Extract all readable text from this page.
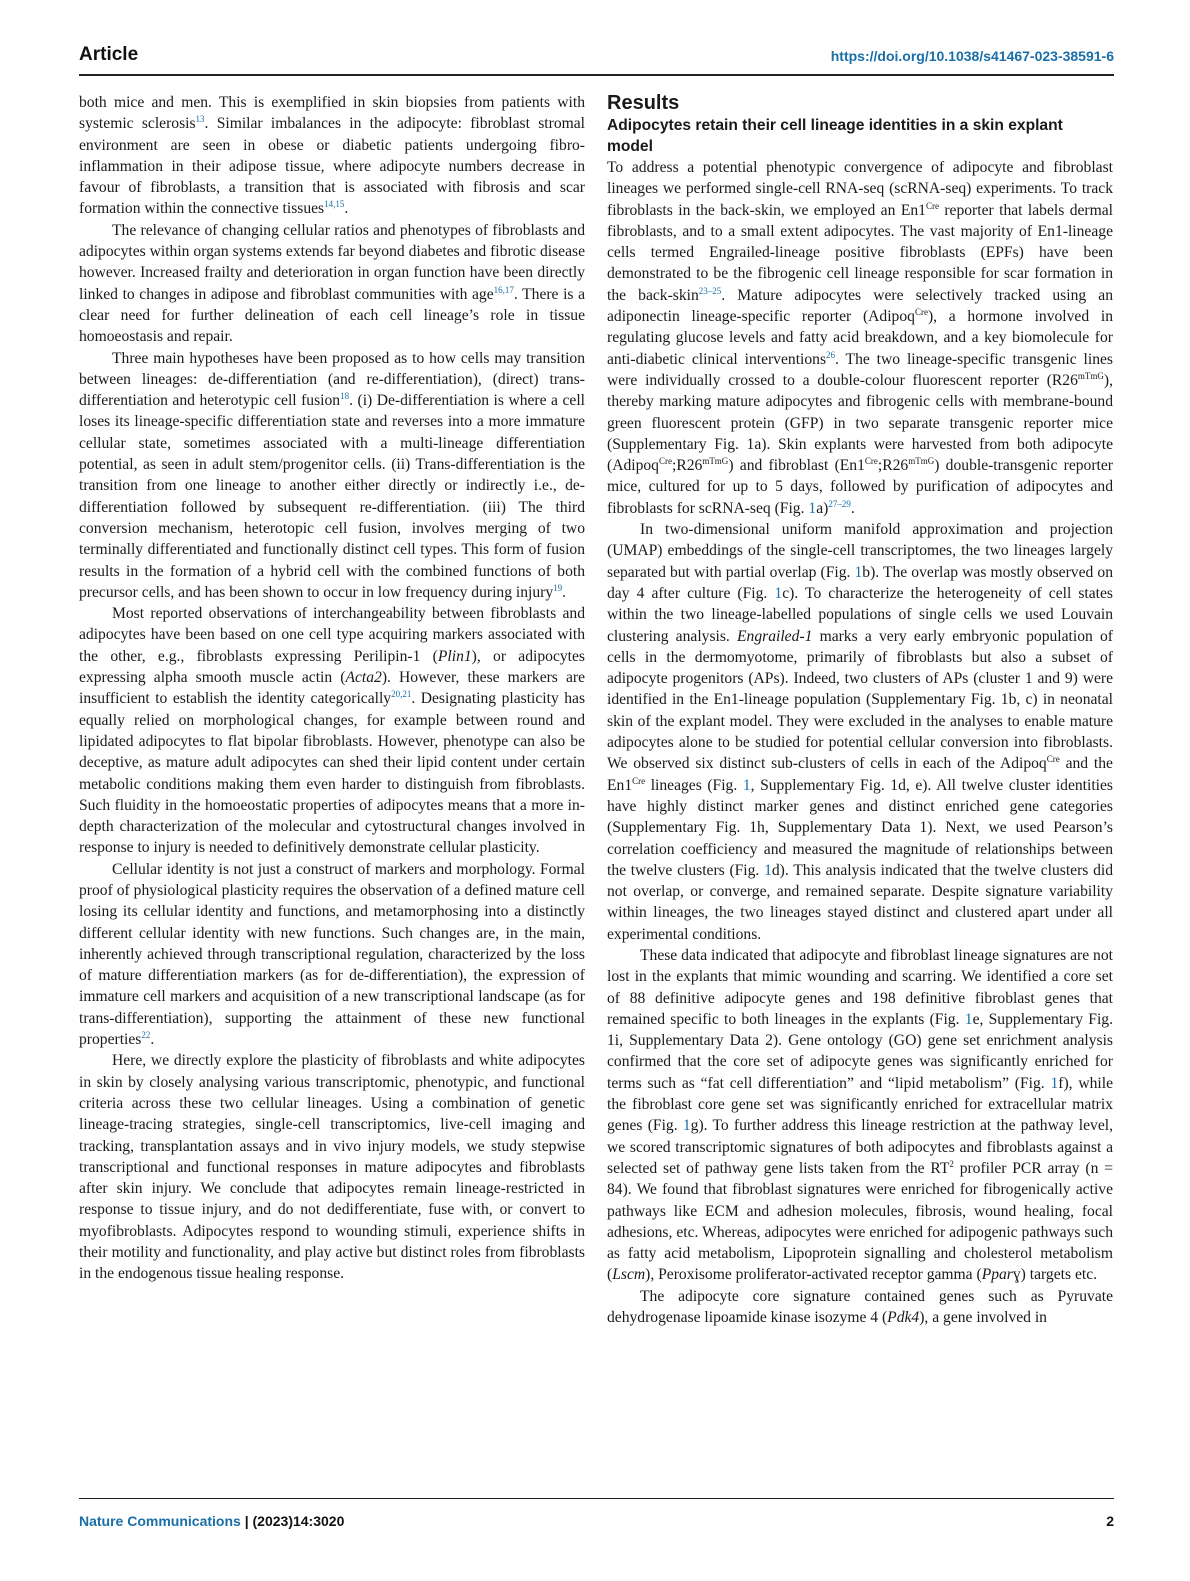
Article	https://doi.org/10.1038/s41467-023-38591-6

both mice and men. This is exemplified in skin biopsies from patients with systemic sclerosis$^{13}$. Similar imbalances in the adipocyte: fibroblast stromal environment are seen in obese or diabetic patients undergoing fibro-inflammation in their adipose tissue, where adipocyte numbers decrease in favour of fibroblasts, a transition that is associated with fibrosis and scar formation within the connective tissues$^{14,15}$.

The relevance of changing cellular ratios and phenotypes of fibroblasts and adipocytes within organ systems extends far beyond diabetes and fibrotic disease however. Increased frailty and deterioration in organ function have been directly linked to changes in adipose and fibroblast communities with age$^{16,17}$. There is a clear need for further delineation of each cell lineage’s role in tissue homoeostasis and repair.

Three main hypotheses have been proposed as to how cells may transition between lineages: de-differentiation (and re-differentiation), (direct) trans-differentiation and heterotypic cell fusion$^{18}$. (i) De-differentiation is where a cell loses its lineage-specific differentiation state and reverses into a more immature cellular state, sometimes associated with a multi-lineage differentiation potential, as seen in adult stem/progenitor cells. (ii) Trans-differentiation is the transition from one lineage to another either directly or indirectly i.e., de-differentiation followed by subsequent re-differentiation. (iii) The third conversion mechanism, heterotopic cell fusion, involves merging of two terminally differentiated and functionally distinct cell types. This form of fusion results in the formation of a hybrid cell with the combined functions of both precursor cells, and has been shown to occur in low frequency during injury$^{19}$.

Most reported observations of interchangeability between fibroblasts and adipocytes have been based on one cell type acquiring markers associated with the other, e.g., fibroblasts expressing Perilipin-1 (Plin1), or adipocytes expressing alpha smooth muscle actin (Acta2). However, these markers are insufficient to establish the identity categorically$^{20,21}$. Designating plasticity has equally relied on morphological changes, for example between round and lipidated adipocytes to flat bipolar fibroblasts. However, phenotype can also be deceptive, as mature adult adipocytes can shed their lipid content under certain metabolic conditions making them even harder to distinguish from fibroblasts. Such fluidity in the homoeostatic properties of adipocytes means that a more in-depth characterization of the molecular and cytostructural changes involved in response to injury is needed to definitively demonstrate cellular plasticity.

Cellular identity is not just a construct of markers and morphology. Formal proof of physiological plasticity requires the observation of a defined mature cell losing its cellular identity and functions, and metamorphosing into a distinctly different cellular identity with new functions. Such changes are, in the main, inherently achieved through transcriptional regulation, characterized by the loss of mature differentiation markers (as for de-differentiation), the expression of immature cell markers and acquisition of a new transcriptional landscape (as for trans-differentiation), supporting the attainment of these new functional properties$^{22}$.

Here, we directly explore the plasticity of fibroblasts and white adipocytes in skin by closely analysing various transcriptomic, phenotypic, and functional criteria across these two cellular lineages. Using a combination of genetic lineage-tracing strategies, single-cell transcriptomics, live-cell imaging and tracking, transplantation assays and in vivo injury models, we study stepwise transcriptional and functional responses in mature adipocytes and fibroblasts after skin injury. We conclude that adipocytes remain lineage-restricted in response to tissue injury, and do not dedifferentiate, fuse with, or convert to myofibroblasts. Adipocytes respond to wounding stimuli, experience shifts in their motility and functionality, and play active but distinct roles from fibroblasts in the endogenous tissue healing response.

Results
Adipocytes retain their cell lineage identities in a skin explant model

To address a potential phenotypic convergence of adipocyte and fibroblast lineages we performed single-cell RNA-seq (scRNA-seq) experiments. To track fibroblasts in the back-skin, we employed an $En1^{Cre}$ reporter that labels dermal fibroblasts, and to a small extent adipocytes. The vast majority of En1-lineage cells termed Engrailed-lineage positive fibroblasts (EPFs) have been demonstrated to be the fibrogenic cell lineage responsible for scar formation in the back-skin$^{23-25}$. Mature adipocytes were selectively tracked using an adiponectin lineage-specific reporter (Adipoq$^{Cre}$), a hormone involved in regulating glucose levels and fatty acid breakdown, and a key biomolecule for anti-diabetic clinical interventions$^{26}$. The two lineage-specific transgenic lines were individually crossed to a double-colour fluorescent reporter $(R26^{mTmG})$, thereby marking mature adipocytes and fibrogenic cells with membrane-bound green fluorescent protein (GFP) in two separate transgenic reporter mice (Supplementary Fig. 1a). Skin explants were harvested from both adipocyte $(Adipoq^{Cre};R26^{mTmG})$ and fibroblast $(En1^{Cre};R26^{mTmG})$ double-transgenic reporter mice, cultured for up to 5 days, followed by purification of adipocytes and fibroblasts for scRNA-seq (Fig. 1a)$^{27-29}$.

In two-dimensional uniform manifold approximation and projection (UMAP) embeddings of the single-cell transcriptomes, the two lineages largely separated but with partial overlap (Fig. 1b). The overlap was mostly observed on day 4 after culture (Fig. 1c). To characterize the heterogeneity of cell states within the two lineage-labelled populations of single cells we used Louvain clustering analysis. Engrailed-1 marks a very early embryonic population of cells in the dermomyotome, primarily of fibroblasts but also a subset of adipocyte progenitors (APs). Indeed, two clusters of APs (cluster 1 and 9) were identified in the En1-lineage population (Supplementary Fig. 1b, c) in neonatal skin of the explant model. They were excluded in the analyses to enable mature adipocytes alone to be studied for potential cellular conversion into fibroblasts. We observed six distinct sub-clusters of cells in each of the Adipoq$^{Cre}$ and the $En1^{Cre}$ lineages (Fig. 1, Supplementary Fig. 1d, e). All twelve cluster identities have highly distinct marker genes and distinct enriched gene categories (Supplementary Fig. 1h, Supplementary Data 1). Next, we used Pearson’s correlation coefficiency and measured the magnitude of relationships between the twelve clusters (Fig. 1d). This analysis indicated that the twelve clusters did not overlap, or converge, and remained separate. Despite signature variability within lineages, the two lineages stayed distinct and clustered apart under all experimental conditions.

These data indicated that adipocyte and fibroblast lineage signatures are not lost in the explants that mimic wounding and scarring. We identified a core set of 88 definitive adipocyte genes and 198 definitive fibroblast genes that remained specific to both lineages in the explants (Fig. 1e, Supplementary Fig. 1i, Supplementary Data 2). Gene ontology (GO) gene set enrichment analysis confirmed that the core set of adipocyte genes was significantly enriched for terms such as “fat cell differentiation” and “lipid metabolism” (Fig. 1f), while the fibroblast core gene set was significantly enriched for extracellular matrix genes (Fig. 1g). To further address this lineage restriction at the pathway level, we scored transcriptomic signatures of both adipocytes and fibroblasts against a selected set of pathway gene lists taken from the $RT^2$ profiler PCR array (n = 84). We found that fibroblast signatures were enriched for fibrogenically active pathways like ECM and adhesion molecules, fibrosis, wound healing, focal adhesions, etc. Whereas, adipocytes were enriched for adipogenic pathways such as fatty acid metabolism, Lipoprotein signalling and cholesterol metabolism (Lscm), Peroxisome proliferator-activated receptor gamma (Pparɣ) targets etc.

The adipocyte core signature contained genes such as Pyruvate dehydrogenase lipoamide kinase isozyme 4 (Pdk4), a gene involved in

Nature Communications | (2023)14:3020	2
